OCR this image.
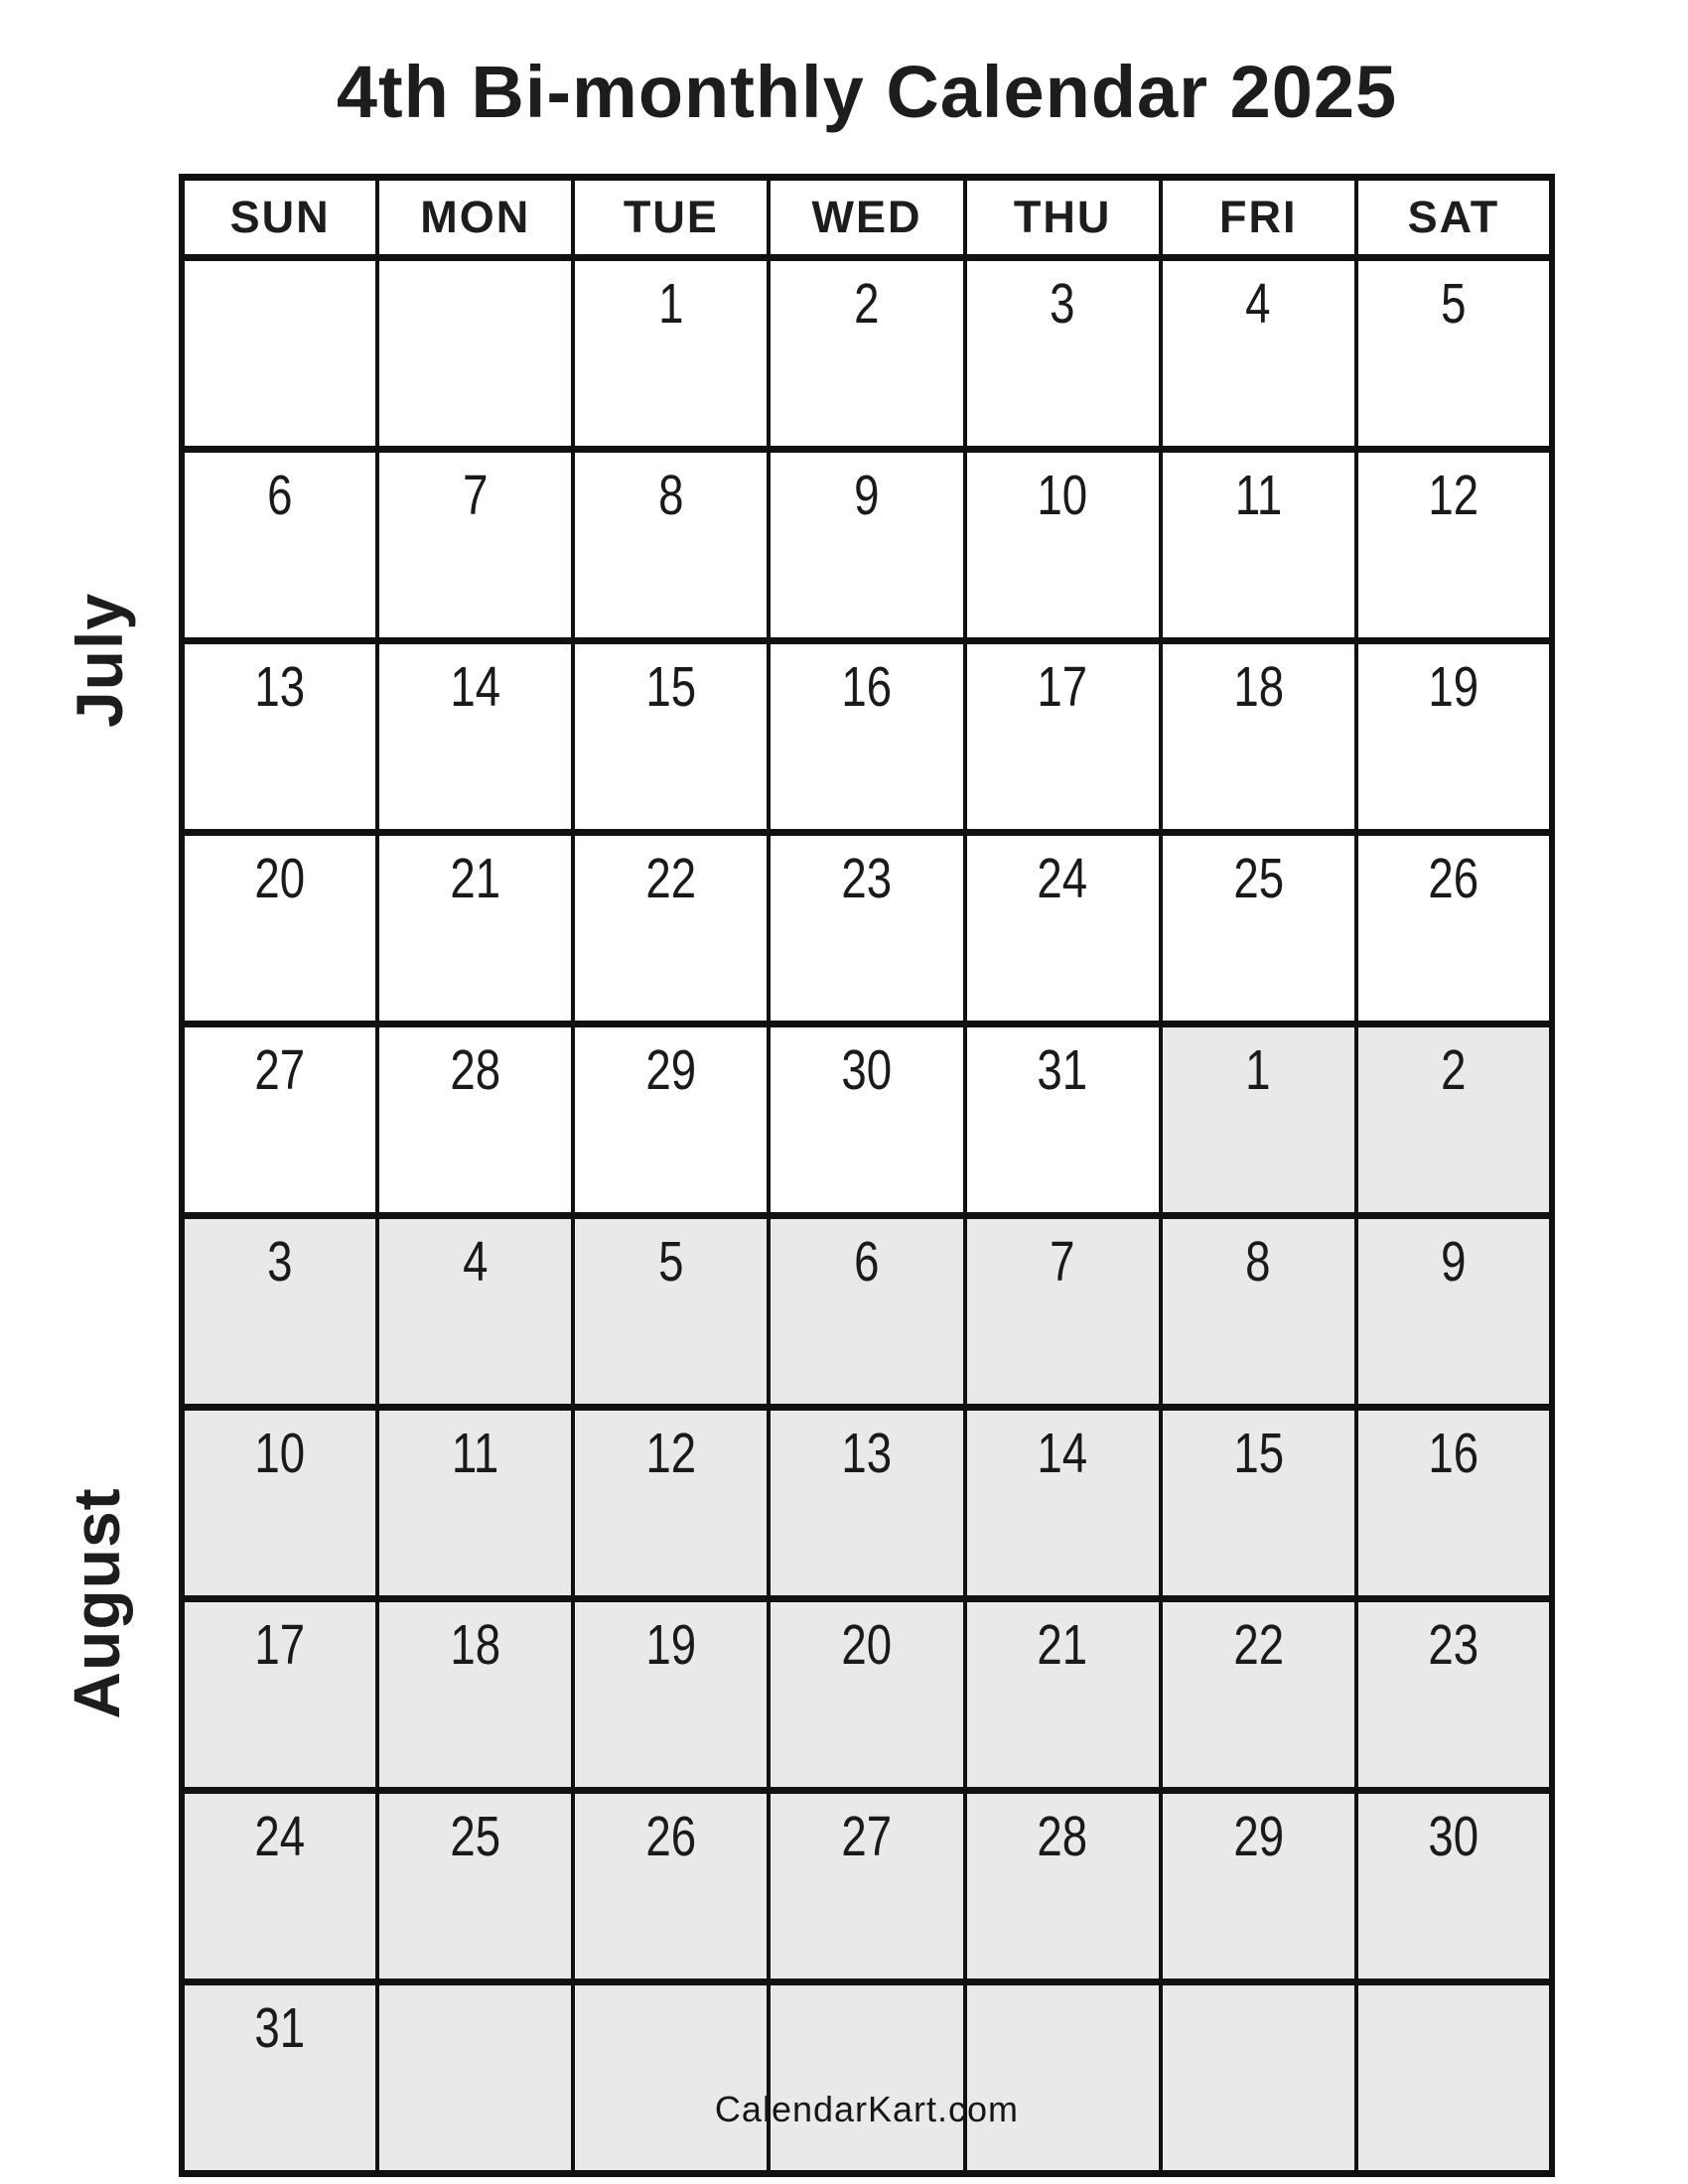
4th Bi-monthly Calendar 2025
July
August
SUN	MON	TUE	WED	THU	FRI	SAT
		1	2	3	4	5
6	7	8	9	10	11	12
13	14	15	16	17	18	19
20	21	22	23	24	25	26
27	28	29	30	31	1	2
3	4	5	6	7	8	9
10	11	12	13	14	15	16
17	18	19	20	21	22	23
24	25	26	27	28	29	30
31						
CalendarKart.com
